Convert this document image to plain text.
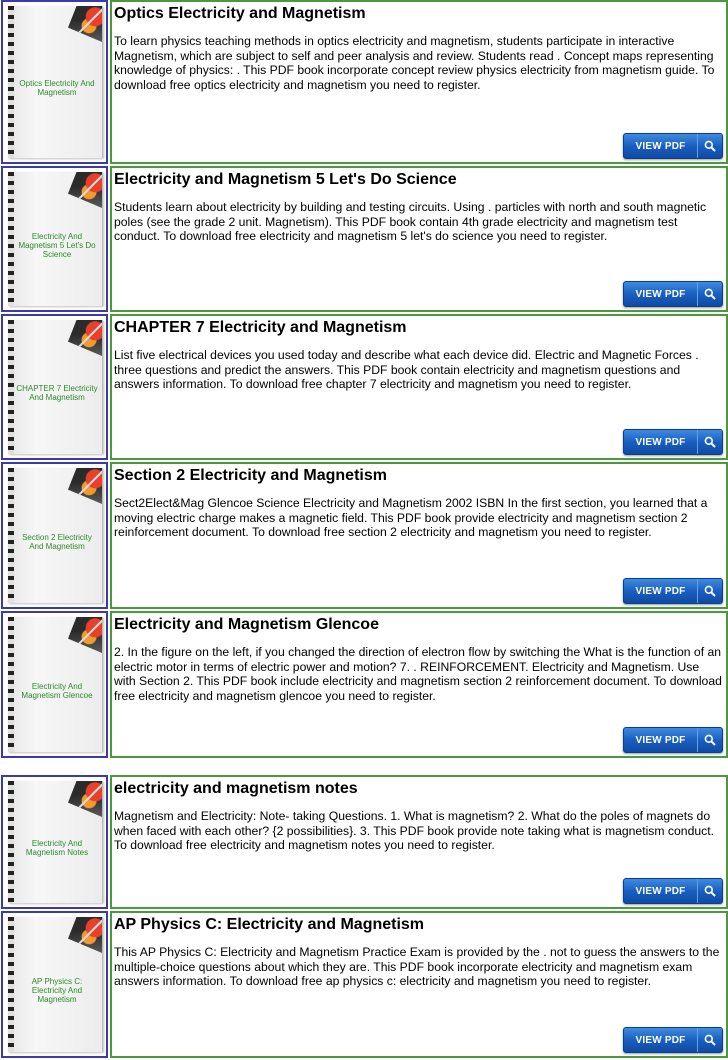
Optics Electricity And Magnetism
Optics Electricity and Magnetism

To learn physics teaching methods in optics electricity and magnetism, students participate in interactive Magnetism, which are subject to self and peer analysis and review. Students read . Concept maps representing knowledge of physics: . This PDF book incorporate concept review physics electricity from magnetism guide. To download free optics electricity and magnetism you need to register.

VIEW PDF
Electricity And Magnetism 5 Let's Do Science
Electricity and Magnetism 5 Let's Do Science

Students learn about electricity by building and testing circuits. Using . particles with north and south magnetic poles (see the grade 2 unit. Magnetism). This PDF book contain 4th grade electricity and magnetism test conduct. To download free electricity and magnetism 5 let's do science you need to register.

VIEW PDF
CHAPTER 7 Electricity And Magnetism
CHAPTER 7 Electricity and Magnetism

List five electrical devices you used today and describe what each device did. Electric and Magnetic Forces . three questions and predict the answers. This PDF book contain electricity and magnetism questions and answers information. To download free chapter 7 electricity and magnetism you need to register.

VIEW PDF
Section 2 Electricity And Magnetism
Section 2 Electricity and Magnetism

Sect2Elect&Mag Glencoe Science Electricity and Magnetism 2002 ISBN In the first section, you learned that a moving electric charge makes a magnetic field. This PDF book provide electricity and magnetism section 2 reinforcement document. To download free section 2 electricity and magnetism you need to register.

VIEW PDF
Electricity And Magnetism Glencoe
Electricity and Magnetism Glencoe

2. In the figure on the left, if you changed the direction of electron flow by switching the What is the function of an electric motor in terms of electric power and motion? 7. . REINFORCEMENT. Electricity and Magnetism. Use with Section 2. This PDF book include electricity and magnetism section 2 reinforcement document. To download free electricity and magnetism glencoe you need to register.

VIEW PDF
Electricity And Magnetism Notes
electricity and magnetism notes

Magnetism and Electricity: Note- taking Questions. 1. What is magnetism? 2. What do the poles of magnets do when faced with each other? {2 possibilities}. 3. This PDF book provide note taking what is magnetism conduct. To download free electricity and magnetism notes you need to register.

VIEW PDF
AP Physics C: Electricity And Magnetism
AP Physics C: Electricity and Magnetism

This AP Physics C: Electricity and Magnetism Practice Exam is provided by the . not to guess the answers to the multiple-choice questions about which they are. This PDF book incorporate electricity and magnetism exam answers information. To download free ap physics c: electricity and magnetism you need to register.

VIEW PDF
